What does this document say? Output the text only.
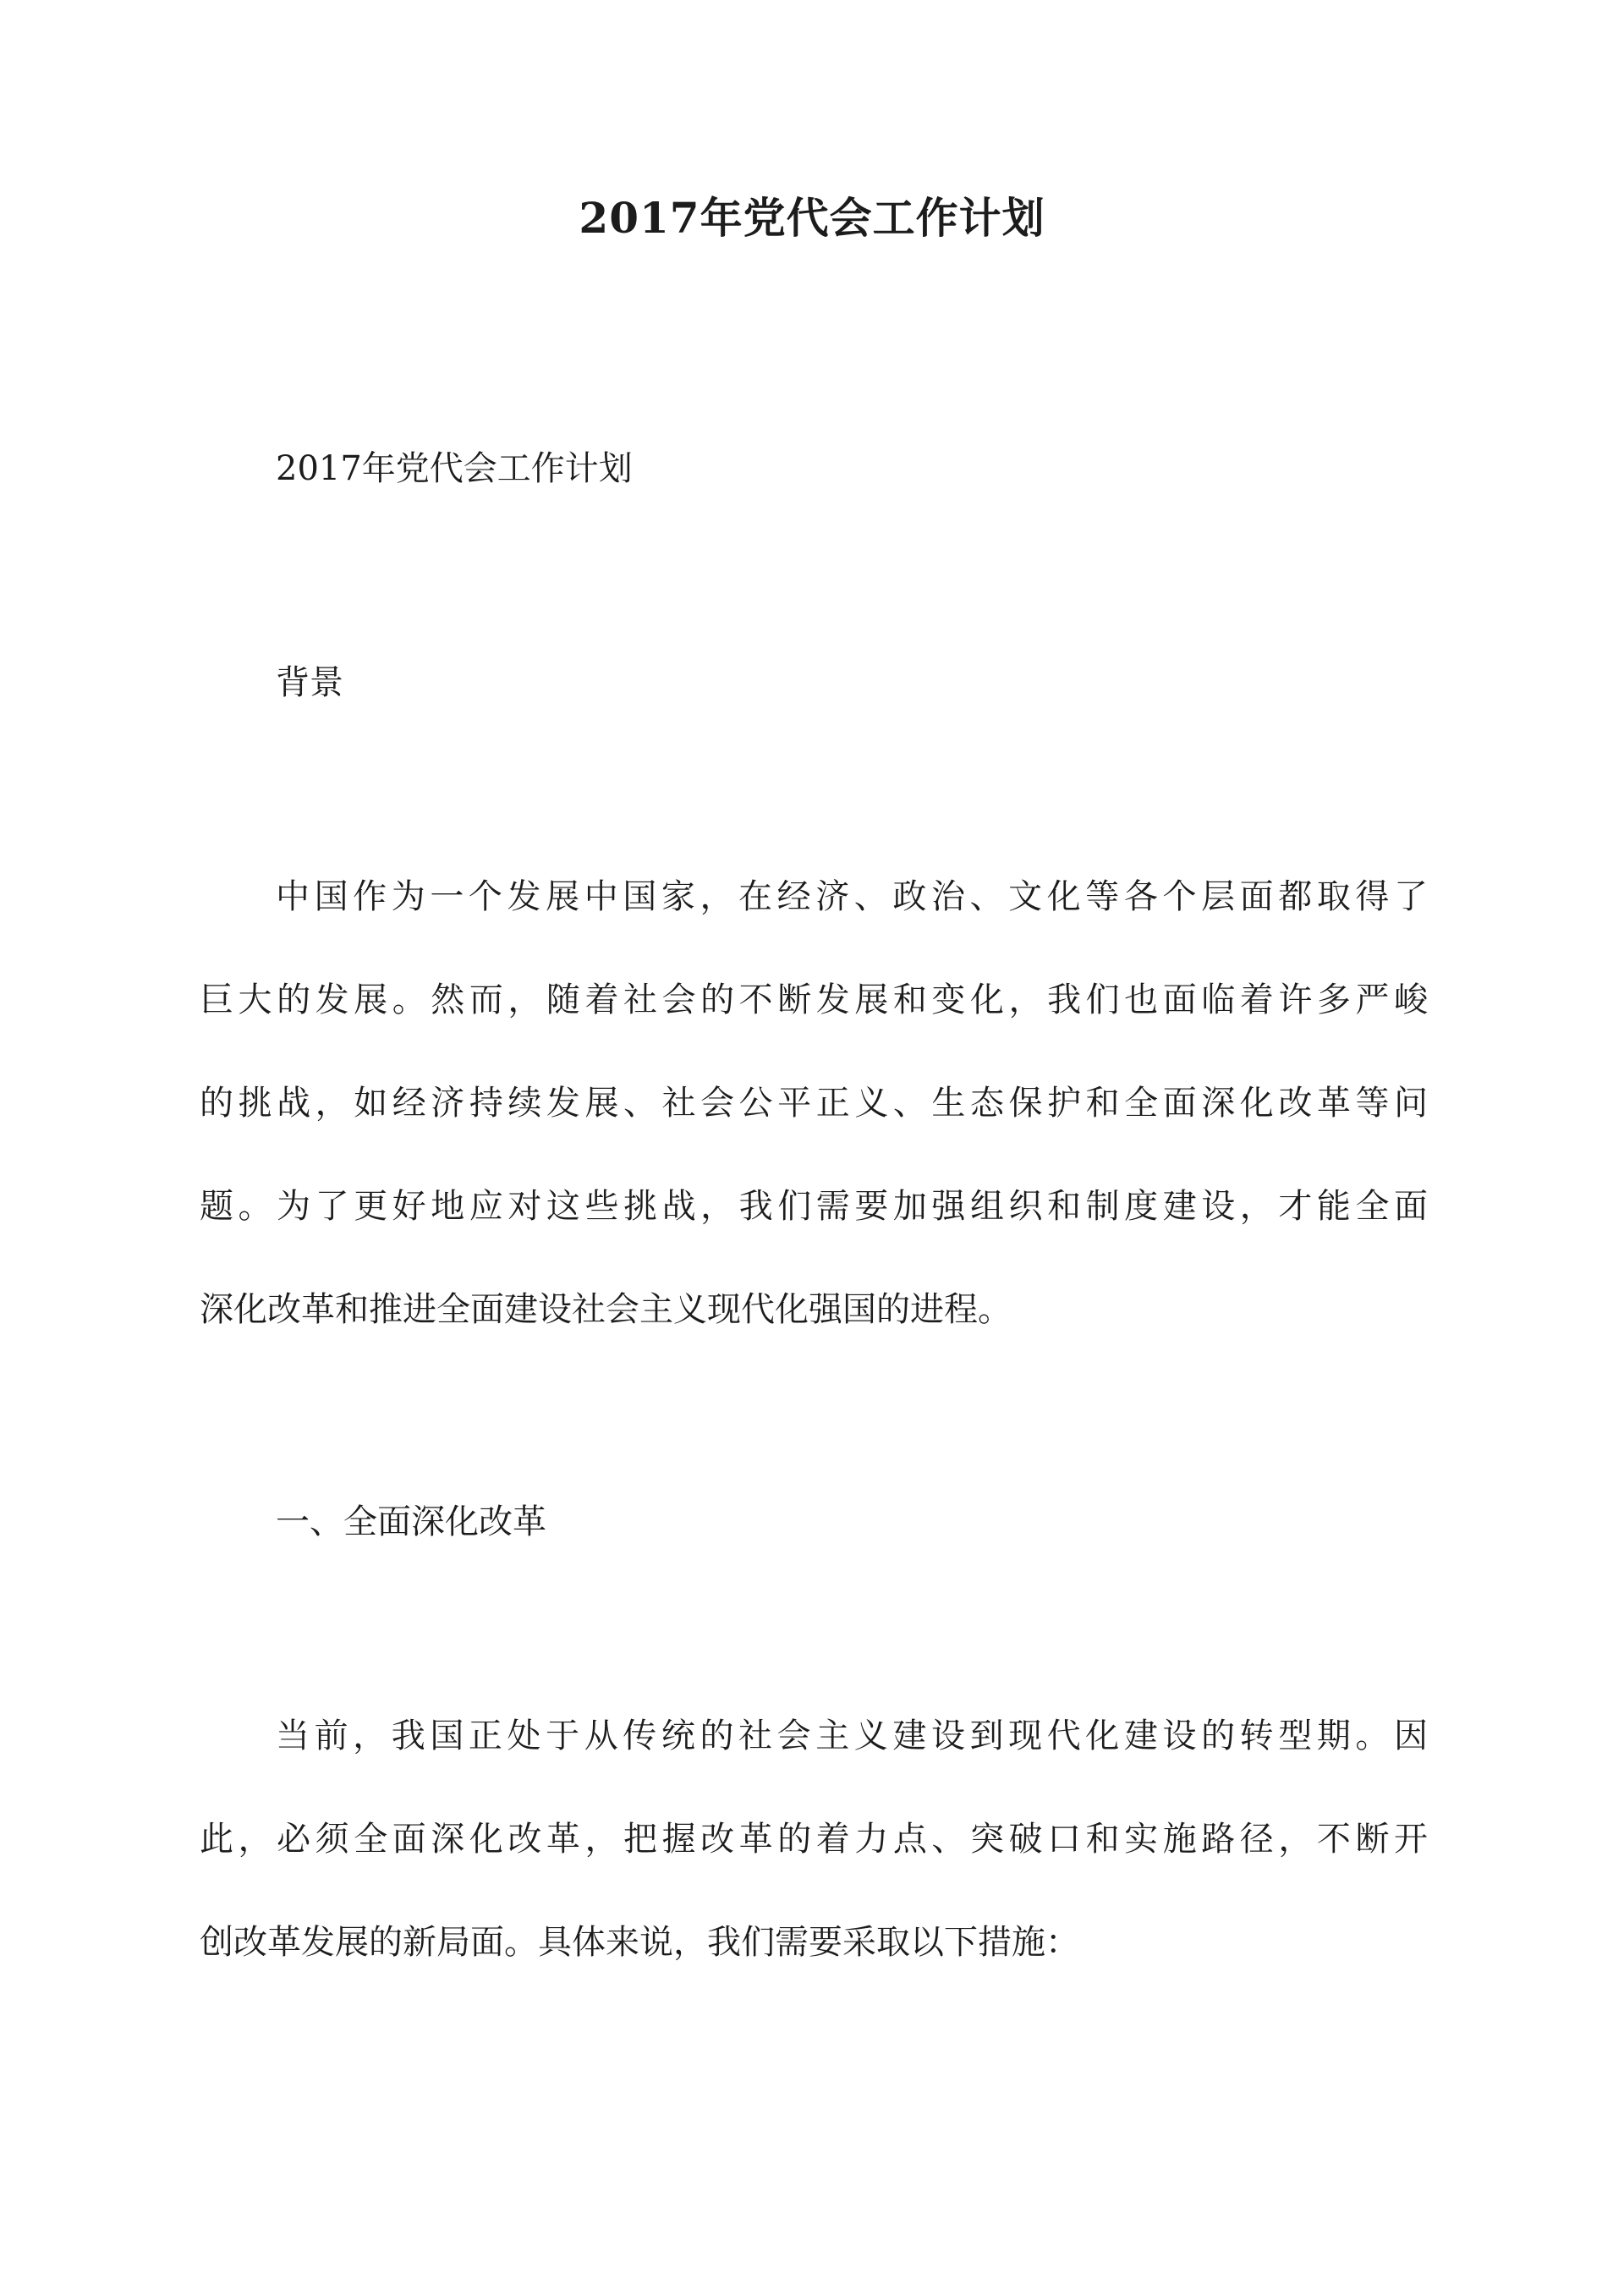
2017年党代会工作计划

2017年党代会工作计划

背景

中国作为一个发展中国家，在经济、政治、文化等各个层面都取得了

巨大的发展。然而，随着社会的不断发展和变化，我们也面临着许多严峻

的挑战，如经济持续发展、社会公平正义、生态保护和全面深化改革等问

题。为了更好地应对这些挑战，我们需要加强组织和制度建设，才能全面

深化改革和推进全面建设社会主义现代化强国的进程。

一、全面深化改革

当前，我国正处于从传统的社会主义建设到现代化建设的转型期。因

此，必须全面深化改革，把握改革的着力点、突破口和实施路径，不断开

创改革发展的新局面。具体来说，我们需要采取以下措施：
